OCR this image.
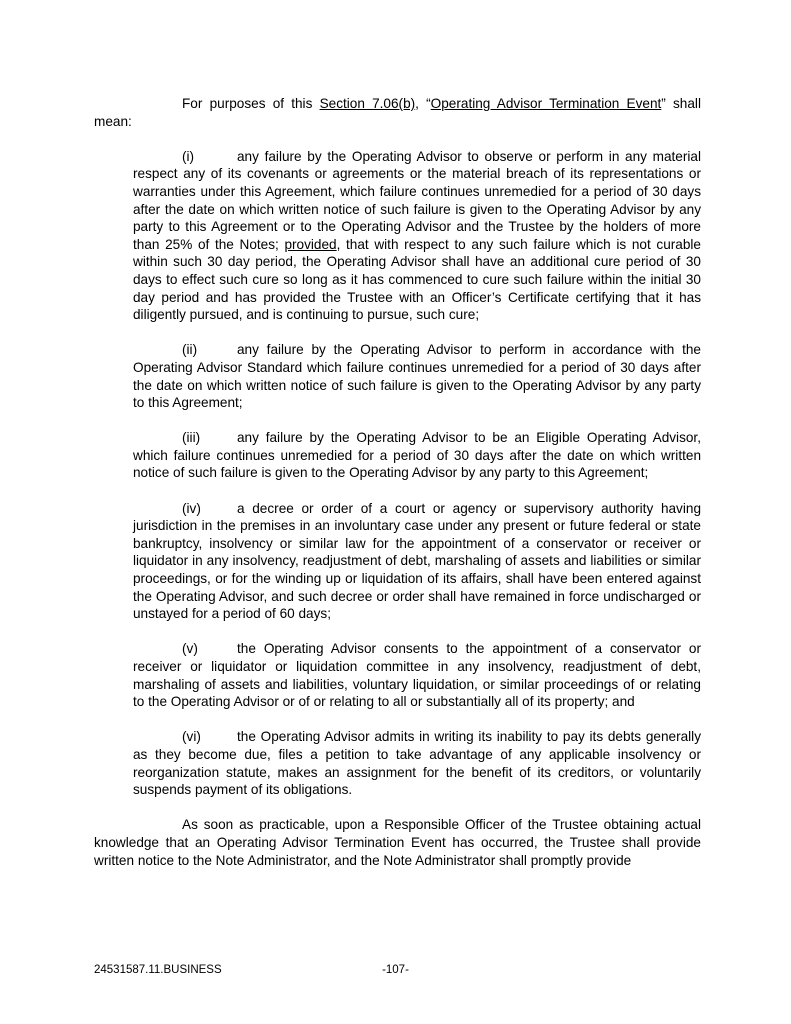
For purposes of this Section 7.06(b), “Operating Advisor Termination Event” shall mean:

(i)	any failure by the Operating Advisor to observe or perform in any material respect any of its covenants or agreements or the material breach of its representations or warranties under this Agreement, which failure continues unremedied for a period of 30 days after the date on which written notice of such failure is given to the Operating Advisor by any party to this Agreement or to the Operating Advisor and the Trustee by the holders of more than 25% of the Notes; provided, that with respect to any such failure which is not curable within such 30 day period, the Operating Advisor shall have an additional cure period of 30 days to effect such cure so long as it has commenced to cure such failure within the initial 30 day period and has provided the Trustee with an Officer’s Certificate certifying that it has diligently pursued, and is continuing to pursue, such cure;

(ii)	any failure by the Operating Advisor to perform in accordance with the Operating Advisor Standard which failure continues unremedied for a period of 30 days after the date on which written notice of such failure is given to the Operating Advisor by any party to this Agreement;

(iii)	any failure by the Operating Advisor to be an Eligible Operating Advisor, which failure continues unremedied for a period of 30 days after the date on which written notice of such failure is given to the Operating Advisor by any party to this Agreement;

(iv)	a decree or order of a court or agency or supervisory authority having jurisdiction in the premises in an involuntary case under any present or future federal or state bankruptcy, insolvency or similar law for the appointment of a conservator or receiver or liquidator in any insolvency, readjustment of debt, marshaling of assets and liabilities or similar proceedings, or for the winding up or liquidation of its affairs, shall have been entered against the Operating Advisor, and such decree or order shall have remained in force undischarged or unstayed for a period of 60 days;

(v)	the Operating Advisor consents to the appointment of a conservator or receiver or liquidator or liquidation committee in any insolvency, readjustment of debt, marshaling of assets and liabilities, voluntary liquidation, or similar proceedings of or relating to the Operating Advisor or of or relating to all or substantially all of its property; and

(vi)	the Operating Advisor admits in writing its inability to pay its debts generally as they become due, files a petition to take advantage of any applicable insolvency or reorganization statute, makes an assignment for the benefit of its creditors, or voluntarily suspends payment of its obligations.

As soon as practicable, upon a Responsible Officer of the Trustee obtaining actual knowledge that an Operating Advisor Termination Event has occurred, the Trustee shall provide written notice to the Note Administrator, and the Note Administrator shall promptly provide

24531587.11.BUSINESS	-107-
